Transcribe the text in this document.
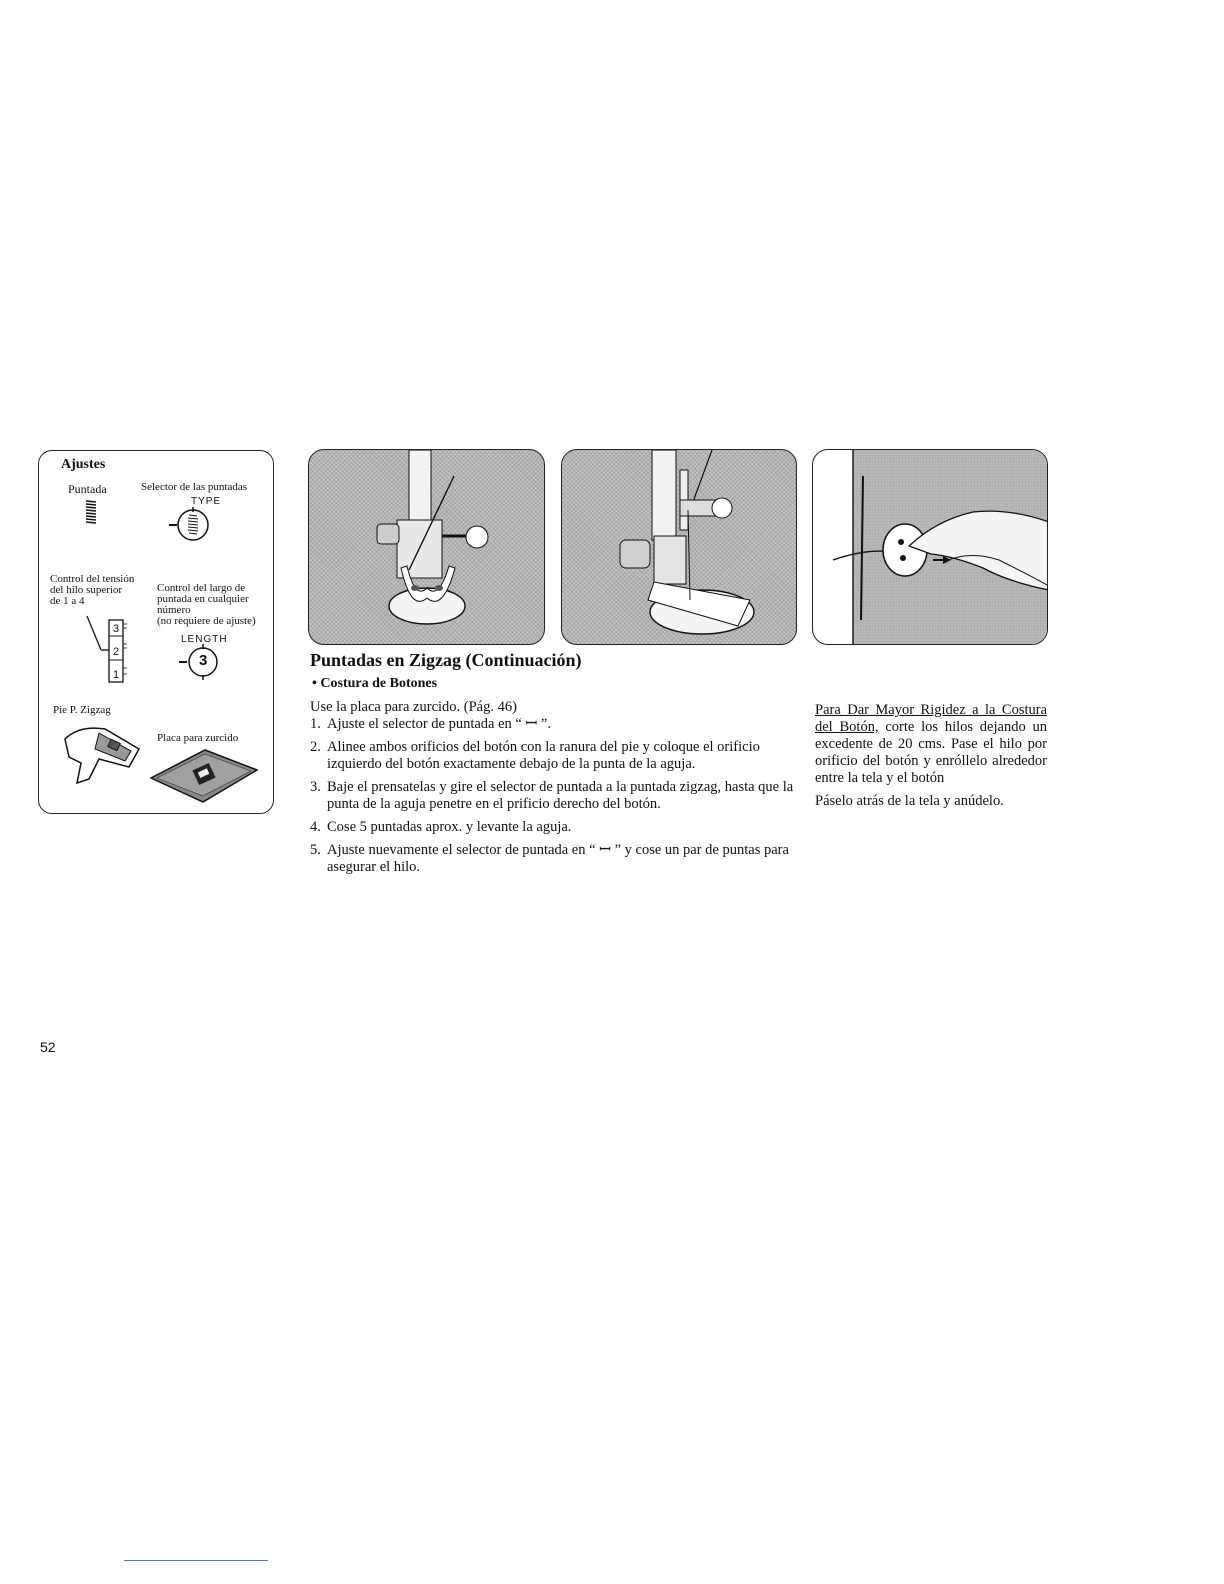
Ajustes
Puntada	Selector de las puntadas
TYPE
Control del tensión
del hilo superior
de 1 a 4
Control del largo de
puntada en cualquier
número
(no requiere de ajuste)
LENGTH
3
2
1
3
Pie P. Zigzag
Placa para zurcido
Puntadas en Zigzag (Continuación)
• Costura de Botones
Use la placa para zurcido. (Pág. 46)
1. Ajuste el selector de puntada en “ ꟷ ”.
2. Alinee ambos orificios del botón con la ranura del pie y coloque el orificio izquierdo del botón exactamente debajo de la punta de la aguja.
3. Baje el prensatelas y gire el selector de puntada a la puntada zigzag, hasta que la punta de la aguja penetre en el prificio derecho del botón.
4. Cose 5 puntadas aprox. y levante la aguja.
5. Ajuste nuevamente el selector de puntada en “ ꟷ ” y cose un par de puntas para asegurar el hilo.

Para Dar Mayor Rigidez a la Costura del Botón, corte los hilos dejando un excedente de 20 cms. Pase el hilo por orificio del botón y enróllelo alrededor entre la tela y el botón

Páselo atrás de la tela y anúdelo.

52
